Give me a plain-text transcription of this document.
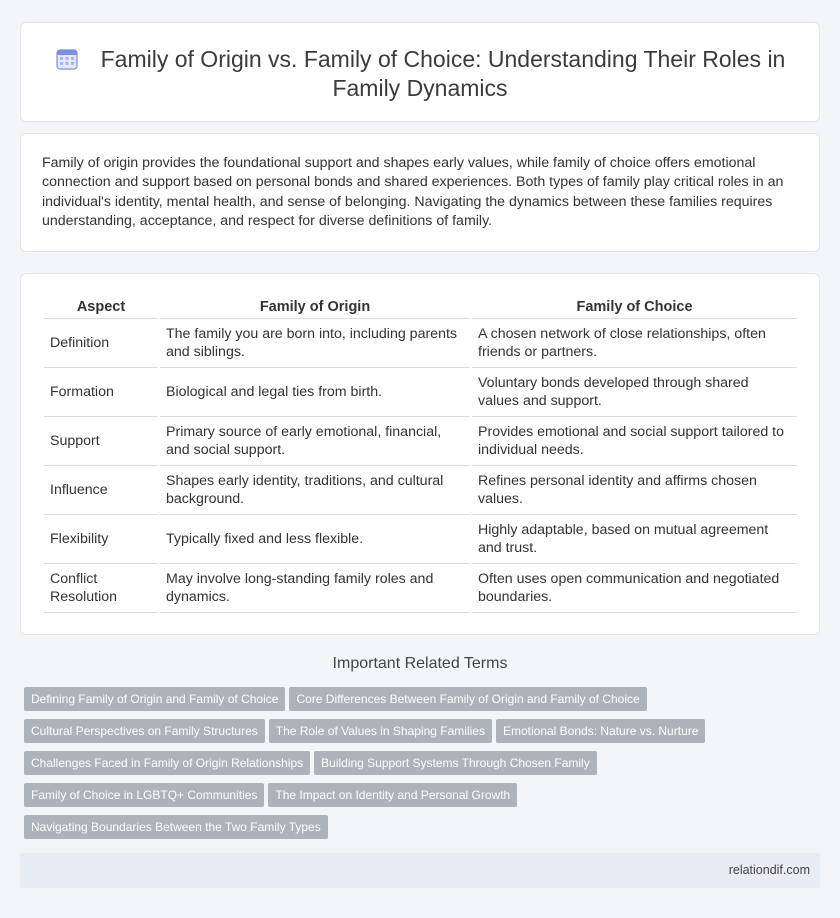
Family of Origin vs. Family of Choice: Understanding Their Roles in Family Dynamics

Family of origin provides the foundational support and shapes early values, while family of choice offers emotional connection and support based on personal bonds and shared experiences. Both types of family play critical roles in an individual's identity, mental health, and sense of belonging. Navigating the dynamics between these families requires understanding, acceptance, and respect for diverse definitions of family.

Aspect	Family of Origin	Family of Choice
Definition	The family you are born into, including parents and siblings.	A chosen network of close relationships, often friends or partners.
Formation	Biological and legal ties from birth.	Voluntary bonds developed through shared values and support.
Support	Primary source of early emotional, financial, and social support.	Provides emotional and social support tailored to individual needs.
Influence	Shapes early identity, traditions, and cultural background.	Refines personal identity and affirms chosen values.
Flexibility	Typically fixed and less flexible.	Highly adaptable, based on mutual agreement and trust.
Conflict Resolution	May involve long-standing family roles and dynamics.	Often uses open communication and negotiated boundaries.
Important Related Terms
Defining Family of Origin and Family of Choice Core Differences Between Family of Origin and Family of Choice
Cultural Perspectives on Family Structures The Role of Values in Shaping Families Emotional Bonds: Nature vs. Nurture
Challenges Faced in Family of Origin Relationships Building Support Systems Through Chosen Family
Family of Choice in LGBTQ+ Communities The Impact on Identity and Personal Growth
Navigating Boundaries Between the Two Family Types
relationdif.com
